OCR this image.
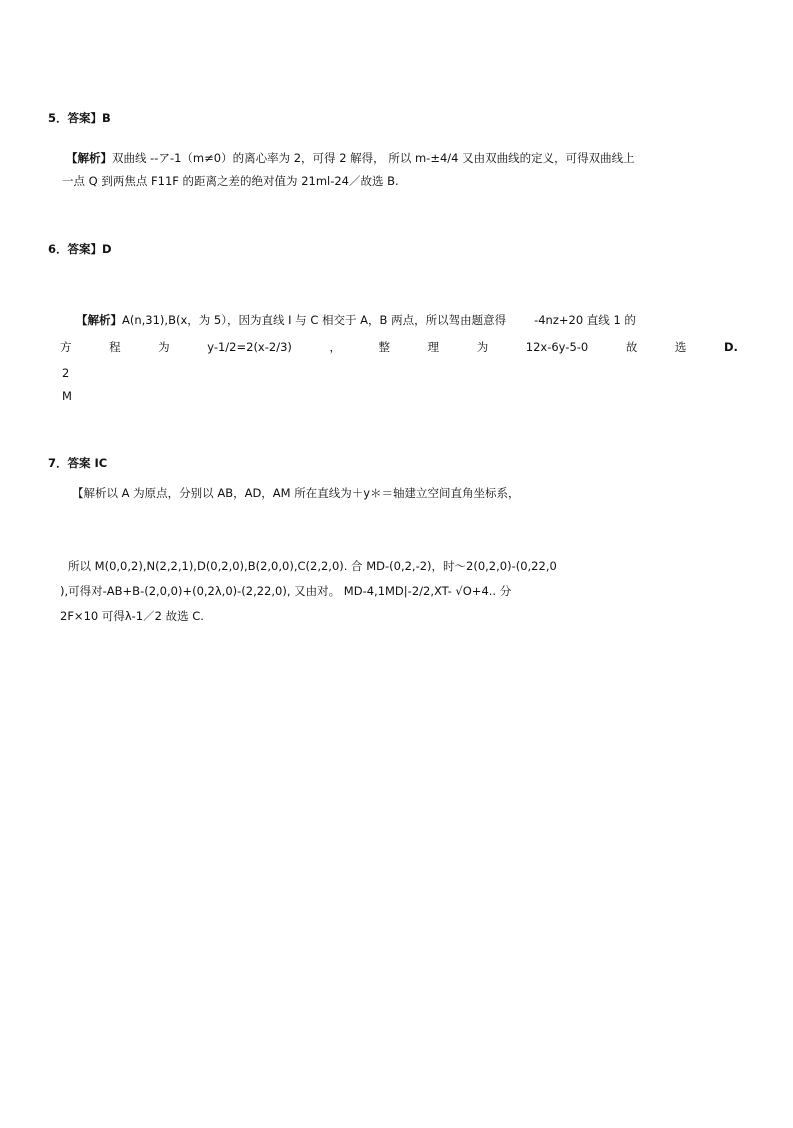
5．答案】B
【解析】双曲线 --ア-1（m≠0）的离心率为 2，可得 2 解得， 所以 m-±4/4 又由双曲线的定义，可得双曲线上
一点 Q 到两焦点 F11F 的距离之差的绝对值为 21ml-24／故选 B.
6．答案】D
【解析】A(n,31),B(x，为 5），因为直线 I 与 C 相交于 A，B 两点，所以驾由题意得 -4nz+20 直线 1 的
方	程	为	y-1/2=2(x-2/3)	，	整	理	为	12x-6y-5-0	故	选	D.
2
M
7．答案 IC
【解析以 A 为原点，分别以 AB，AD，AM 所在直线为＋y＊＝轴建立空间直角坐标系，
所以 M(0,0,2),N(2,2,1),D(0,2,0),B(2,0,0),C(2,2,0). 合 MD-(0,2,-2)，时～2(0,2,0)-(0,22,0
),可得对-AB+B-(2,0,0)+(0,2λ,0)-(2,22,0), 又由对。 MD-4,1MD|-2/2,XT- √O+4.. 分
2F×10 可得λ-1／2 故选 C.
